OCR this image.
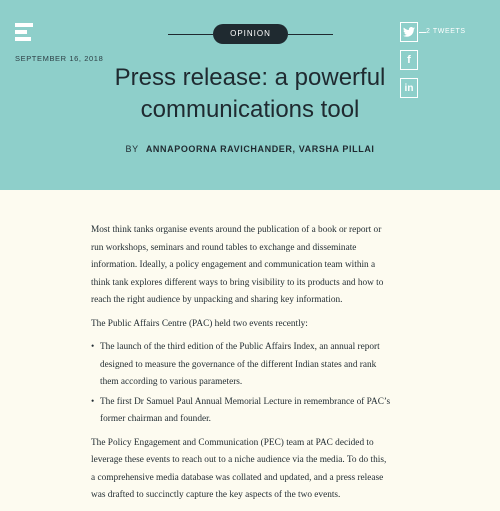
SEPTEMBER 16, 2018
OPINION
Press release: a powerful communications tool
BY ANNAPOORNA RAVICHANDER, VARSHA PILLAI
2 TWEETS
f
in

Most think tanks organise events around the publication of a book or report or run workshops, seminars and round tables to exchange and disseminate information. Ideally, a policy engagement and communication team within a think tank explores different ways to bring visibility to its products and how to reach the right audience by unpacking and sharing key information.

The Public Affairs Centre (PAC) held two events recently:

• The launch of the third edition of the Public Affairs Index, an annual report designed to measure the governance of the different Indian states and rank them according to various parameters.
• The first Dr Samuel Paul Annual Memorial Lecture in remembrance of PAC’s former chairman and founder.

The Policy Engagement and Communication (PEC) team at PAC decided to leverage these events to reach out to a niche audience via the media. To do this, a comprehensive media database was collated and updated, and a press release was drafted to succinctly capture the key aspects of the two events.
